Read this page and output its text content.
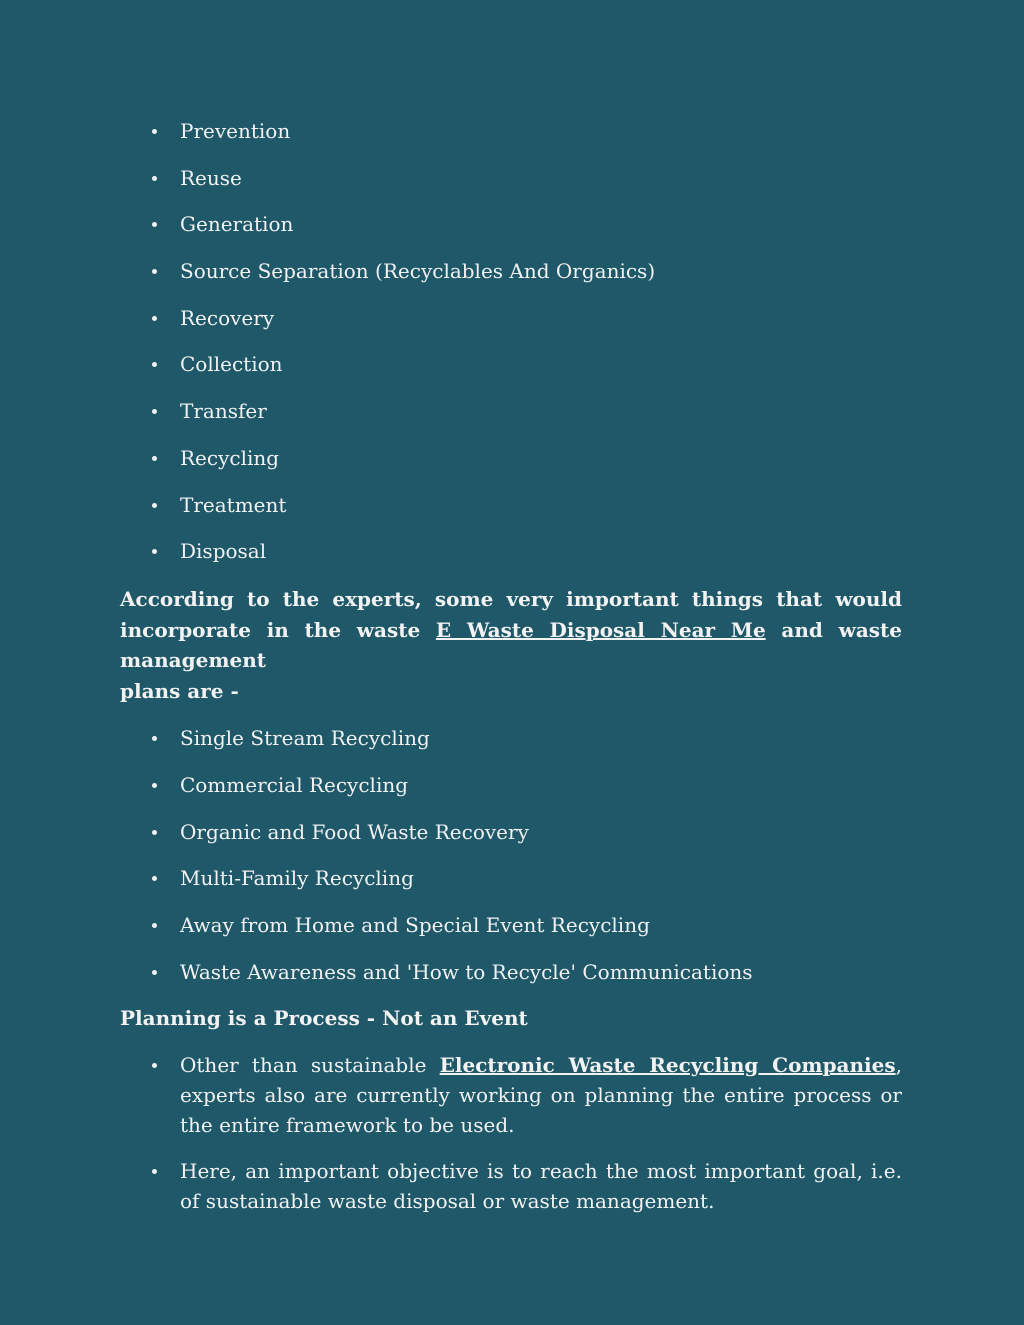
Prevention
Reuse
Generation
Source Separation (Recyclables And Organics)
Recovery
Collection
Transfer
Recycling
Treatment
Disposal

According to the experts, some very important things that would
incorporate in the waste E Waste Disposal Near Me and waste management
plans are -

Single Stream Recycling
Commercial Recycling
Organic and Food Waste Recovery
Multi-Family Recycling
Away from Home and Special Event Recycling
Waste Awareness and 'How to Recycle' Communications

Planning is a Process - Not an Event

Other than sustainable Electronic Waste Recycling Companies, experts also are currently working on planning the entire process or the entire framework to be used.
Here, an important objective is to reach the most important goal, i.e. of sustainable waste disposal or waste management.
